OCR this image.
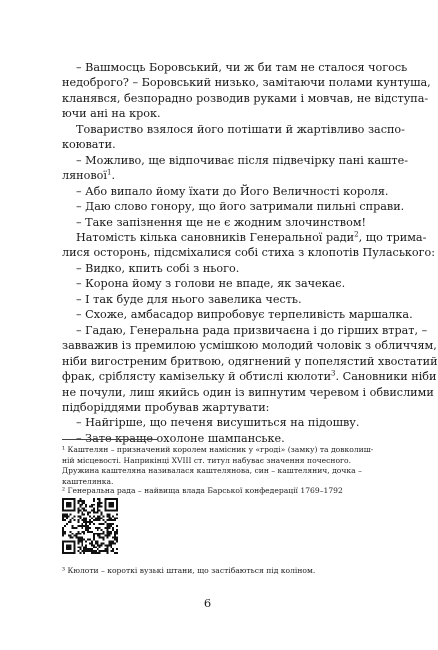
– Вашмосць Боровський, чи ж би там не сталося чогось
недоброго? – Боровський низько, замітаючи полами кунтуша,
кланявся, безпорадно розводив руками і мовчав, не відступа-
ючи ані на крок.
Товариство взялося його потішати й жартівливо заспо-
коювати.
– Можливо, ще відпочиває після підвечірку пані каште-
лянової$^1$.
– Або випало йому їхати до Його Величності короля.
– Даю слово гонору, що його затримали пильні справи.
– Таке запізнення ще не є жодним злочинством!
Натомість кілька сановників Генеральної ради$^2$, що трима-
лися осторонь, підсміхалися собі стиха з клопотів Пуласького:
– Видко, кпить собі з нього.
– Корона йому з голови не впаде, як зачекає.
– І так буде для нього завелика честь.
– Схоже, амбасадор випробовує терпеливість маршалка.
– Гадаю, Генеральна рада призвичаєна і до гірших втрат, –
завважив із премилою усмішкою молодий чоловік з обличчям,
ніби вигостреним бритвою, одягнений у попелястий хвостатий
фрак, сріблясту камізельку й обтислі кюлоти$^3$. Сановники ніби
не почули, лиш якийсь один із випнутим черевом і обвислими
підборіддями пробував жартувати:
– Найгірше, що печеня висушиться на підошву.
– Зате краще охолоне шампанське.
¹ Каштелян – призначений королем намісник у «гроді» (замку) та довколиш-
ній місцевості. Наприкінці XVIII ст. титул набуває значення почесного.
Дружина каштеляна називалася каштелянова, син – каштелянич, дочка –
каштелянка.
² Генеральна рада – найвища влада Барської конфедерації 1769–1792
³ Кюлоти – короткі вузькі штани, що застібаються під коліном.
6
